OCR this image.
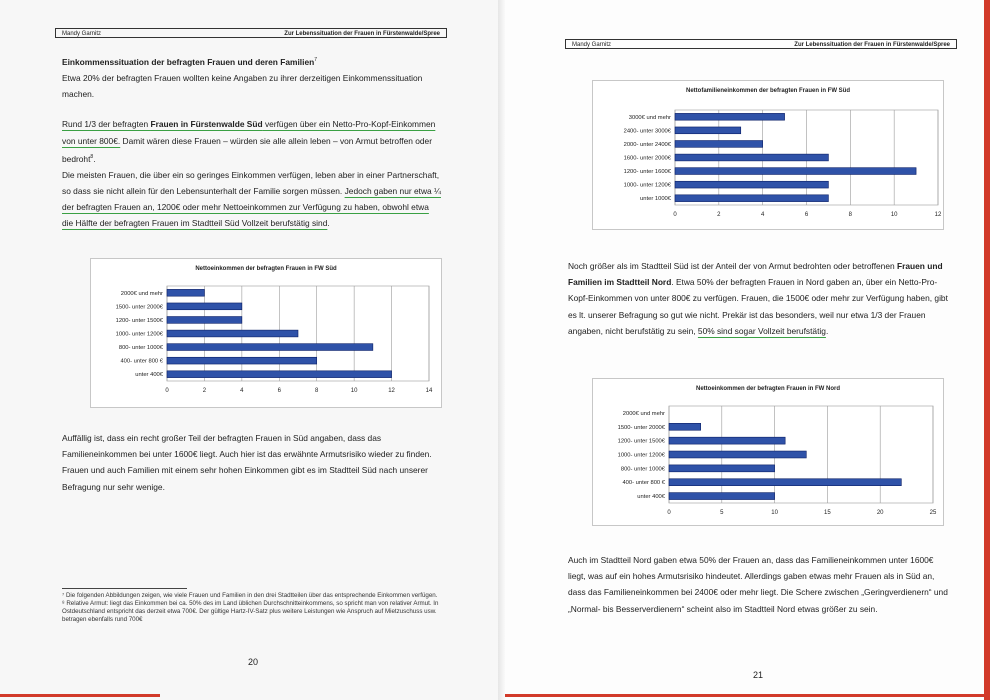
Mandy Garnitz	Zur Lebenssituation der Frauen in Fürstenwalde/Spree

Einkommenssituation der befragten Frauen und deren Familien$^7$

Etwa 20% der befragten Frauen wollten keine Angaben zu ihrer derzeitigen Einkommenssituation machen.

Rund 1/3 der befragten Frauen in Fürstenwalde Süd verfügen über ein Netto-Pro-Kopf-Einkommen von unter 800€. Damit wären diese Frauen – würden sie alle allein leben – von Armut betroffen oder bedroht$^8$.

Die meisten Frauen, die über ein so geringes Einkommen verfügen, leben aber in einer Partnerschaft, so dass sie nicht allein für den Lebensunterhalt der Familie sorgen müssen. Jedoch gaben nur etwa ¼ der befragten Frauen an, 1200€ oder mehr Nettoeinkommen zur Verfügung zu haben, obwohl etwa die Hälfte der befragten Frauen im Stadtteil Süd Vollzeit berufstätig sind.

Nettoeinkommen der befragten Frauen in FW Süd
0	2	4	6	8	10	12	14
2000€ und mehr
1500- unter 2000€
1200- unter 1500€
1000- unter 1200€
800- unter 1000€
400- unter 800 €
unter 400€

Auffällig ist, dass ein recht großer Teil der befragten Frauen in Süd angaben, dass das Familieneinkommen bei unter 1600€ liegt. Auch hier ist das erwähnte Armutsrisiko wieder zu finden.

Frauen und auch Familien mit einem sehr hohen Einkommen gibt es im Stadtteil Süd nach unserer Befragung nur sehr wenige.

⁷ Die folgenden Abbildungen zeigen, wie viele Frauen und Familien in den drei Stadtteilen über das entsprechende Einkommen verfügen.

⁸ Relative Armut: liegt das Einkommen bei ca. 50% des im Land üblichen Durchschnitteinkommens, so spricht man von relativer Armut. In Ostdeutschland entspricht das derzeit etwa 700€. Der gültige Hartz-IV-Satz plus weitere Leistungen wie Anspruch auf Mietzuschuss usw. betragen ebenfalls rund 700€

20
Mandy Garnitz	Zur Lebenssituation der Frauen in Fürstenwalde/Spree
Nettofamilieneinkommen der befragten Frauen in FW Süd
0	2	4	6	8	10	12
3000€ und mehr
2400- unter 3000€
2000- unter 2400€
1600- unter 2000€
1200- unter 1600€
1000- unter 1200€
unter 1000€

Noch größer als im Stadtteil Süd ist der Anteil der von Armut bedrohten oder betroffenen Frauen und Familien im Stadtteil Nord. Etwa 50% der befragten Frauen in Nord gaben an, über ein Netto-Pro-Kopf-Einkommen von unter 800€ zu verfügen. Frauen, die 1500€ oder mehr zur Verfügung haben, gibt es lt. unserer Befragung so gut wie nicht. Prekär ist das besonders, weil nur etwa 1/3 der Frauen angaben, nicht berufstätig zu sein, 50% sind sogar Vollzeit berufstätig.

Nettoeinkommen der befragten Frauen in FW Nord
0	5	10	15	20	25
2000€ und mehr
1500- unter 2000€
1200- unter 1500€
1000- unter 1200€
800- unter 1000€
400- unter 800 €
unter 400€

Auch im Stadtteil Nord gaben etwa 50% der Frauen an, dass das Familieneinkommen unter 1600€ liegt, was auf ein hohes Armutsrisiko hindeutet. Allerdings gaben etwas mehr Frauen als in Süd an, dass das Familieneinkommen bei 2400€ oder mehr liegt. Die Schere zwischen „Geringverdienern“ und „Normal- bis Besserverdienern“ scheint also im Stadtteil Nord etwas größer zu sein.

21
